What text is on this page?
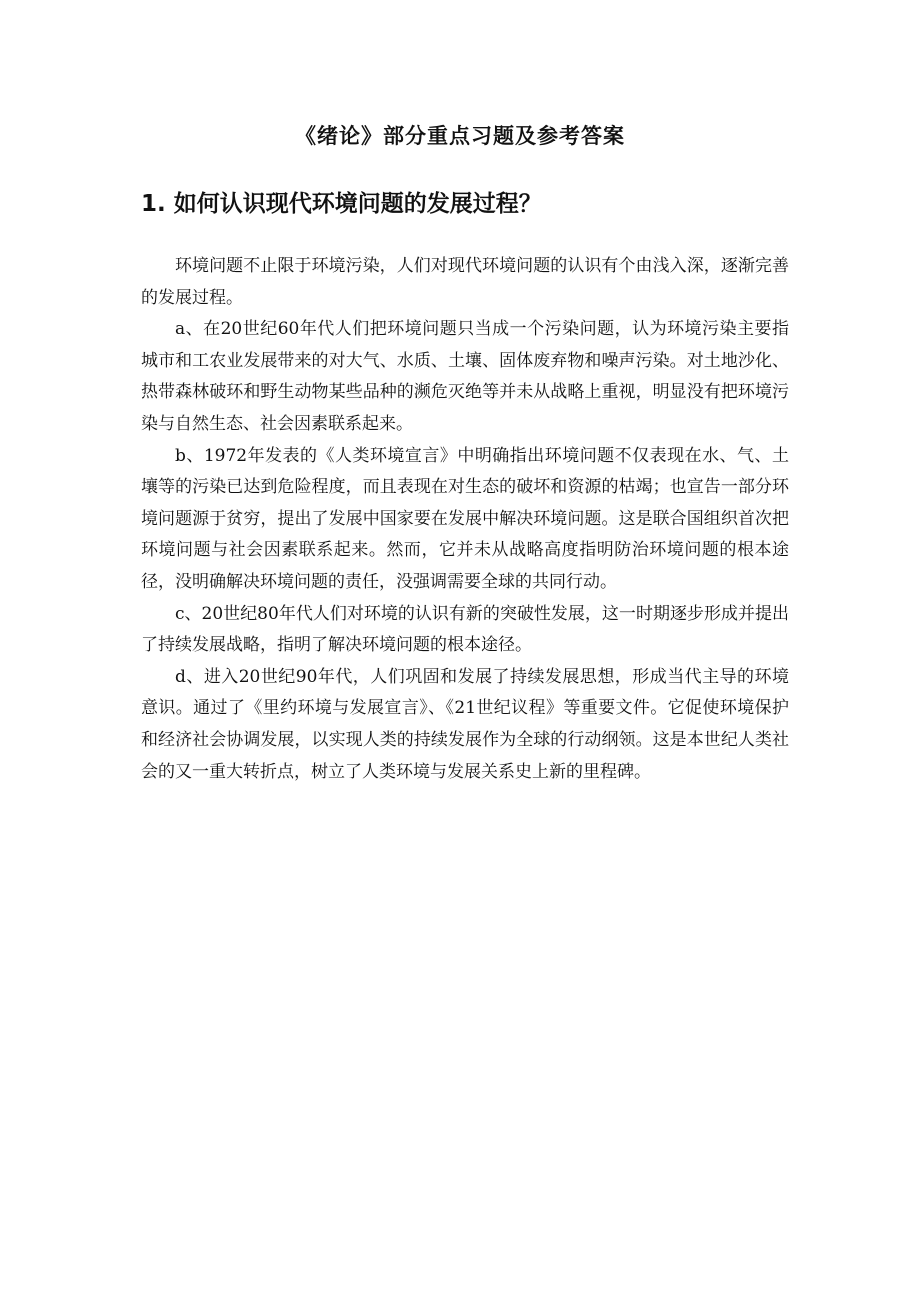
《绪论》部分重点习题及参考答案
1. 如何认识现代环境问题的发展过程？

环境问题不止限于环境污染，人们对现代环境问题的认识有个由浅入深，逐渐完善的发展过程。

a、在20世纪60年代人们把环境问题只当成一个污染问题，认为环境污染主要指城市和工农业发展带来的对大气、水质、土壤、固体废弃物和噪声污染。对土地沙化、热带森林破环和野生动物某些品种的濒危灭绝等并未从战略上重视，明显没有把环境污染与自然生态、社会因素联系起来。

b、1972年发表的《人类环境宣言》中明确指出环境问题不仅表现在水、气、土壤等的污染已达到危险程度，而且表现在对生态的破坏和资源的枯竭；也宣告一部分环境问题源于贫穷，提出了发展中国家要在发展中解决环境问题。这是联合国组织首次把环境问题与社会因素联系起来。然而，它并未从战略高度指明防治环境问题的根本途径，没明确解决环境问题的责任，没强调需要全球的共同行动。

c、20世纪80年代人们对环境的认识有新的突破性发展，这一时期逐步形成并提出了持续发展战略，指明了解决环境问题的根本途径。

d、进入20世纪90年代，人们巩固和发展了持续发展思想，形成当代主导的环境意识。通过了《里约环境与发展宣言》、《21世纪议程》等重要文件。它促使环境保护和经济社会协调发展，以实现人类的持续发展作为全球的行动纲领。这是本世纪人类社会的又一重大转折点，树立了人类环境与发展关系史上新的里程碑。
